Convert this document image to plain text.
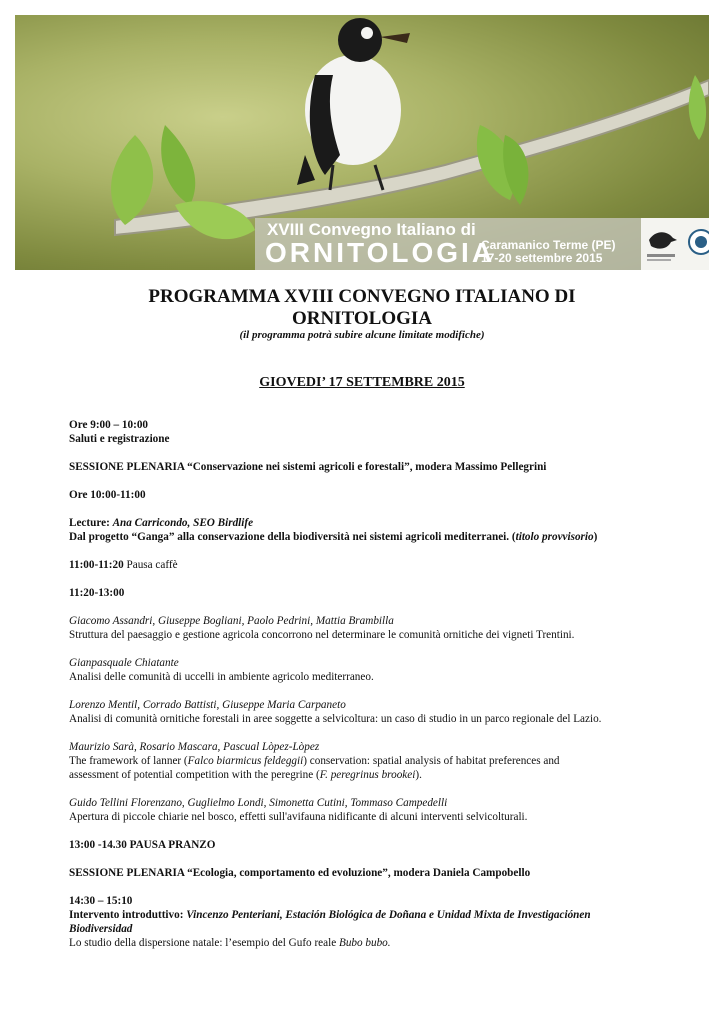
XVIII Convegno Italiano di
ORNITOLOGIA
Caramanico Terme (PE)
17-20 settembre 2015
PROGRAMMA XVIII CONVEGNO ITALIANO DI
ORNITOLOGIA
(il programma potrà subire alcune limitate modifiche)
GIOVEDI’ 17 SETTEMBRE 2015
Ore 9:00 – 10:00
Saluti e registrazione
SESSIONE PLENARIA “Conservazione nei sistemi agricoli e forestali”, modera Massimo Pellegrini
Ore 10:00-11:00
Lecture: Ana Carricondo, SEO Birdlife
Dal progetto “Ganga” alla conservazione della biodiversità nei sistemi agricoli mediterranei. (titolo provvisorio)
11:00-11:20 Pausa caffè
11:20-13:00
Giacomo Assandri, Giuseppe Bogliani, Paolo Pedrini, Mattia Brambilla
Struttura del paesaggio e gestione agricola concorrono nel determinare le comunità ornitiche dei vigneti Trentini.
Gianpasquale Chiatante
Analisi delle comunità di uccelli in ambiente agricolo mediterraneo.
Lorenzo Mentil, Corrado Battisti, Giuseppe Maria Carpaneto
Analisi di comunità ornitiche forestali in aree soggette a selvicoltura: un caso di studio in un parco regionale del Lazio.
Maurizio Sarà, Rosario Mascara, Pascual Lòpez-Lòpez
The framework of lanner (Falco biarmicus feldeggii) conservation: spatial analysis of habitat preferences and
assessment of potential competition with the peregrine (F. peregrinus brookei).
Guido Tellini Florenzano, Guglielmo Londi, Simonetta Cutini, Tommaso Campedelli
Apertura di piccole chiarie nel bosco, effetti sull'avifauna nidificante di alcuni interventi selvicolturali.
13:00 -14.30 PAUSA PRANZO
SESSIONE PLENARIA “Ecologia, comportamento ed evoluzione”, modera Daniela Campobello
14:30 – 15:10
Intervento introduttivo: Vincenzo Penteriani, Estación Biológica de Doñana e Unidad Mixta de Investigaciónen
Biodiversidad
Lo studio della dispersione natale: l’esempio del Gufo reale Bubo bubo.
